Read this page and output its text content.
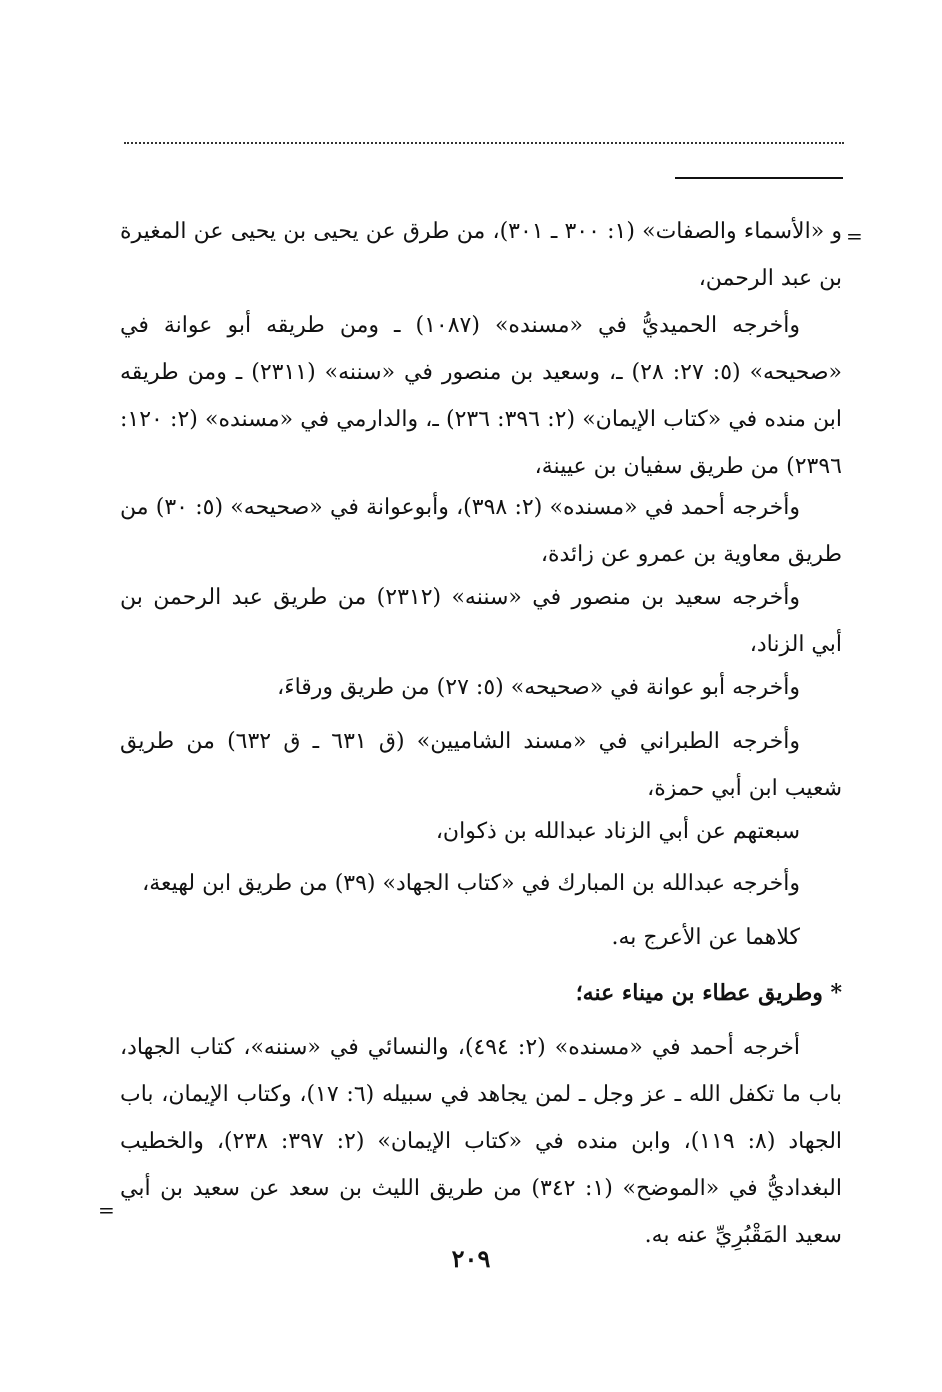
=

و «الأسماء والصفات» (١: ٣٠٠ ـ ٣٠١)، من طرق عن يحيى بن يحيى عن المغيرة بن عبد الرحمن،

وأخرجه الحميديُّ في «مسنده» (١٠٨٧) ـ ومن طريقه أبو عوانة في «صحيحه» (٥: ٢٧: ٢٨) ـ، وسعيد بن منصور في «سننه» (٢٣١١) ـ ومن طريقه ابن منده في «كتاب الإيمان» (٢: ٣٩٦: ٢٣٦) ـ، والدارمي في «مسنده» (٢: ١٢٠: ٢٣٩٦) من طريق سفيان بن عيينة،

وأخرجه أحمد في «مسنده» (٢: ٣٩٨)، وأبوعوانة في «صحيحه» (٥: ٣٠) من طريق معاوية بن عمرو عن زائدة،

وأخرجه سعيد بن منصور في «سننه» (٢٣١٢) من طريق عبد الرحمن بن أبي الزناد،

وأخرجه أبو عوانة في «صحيحه» (٥: ٢٧) من طريق ورقاءَ،

وأخرجه الطبراني في «مسند الشاميين» (ق ٦٣١ ـ ق ٦٣٢) من طريق شعيب ابن أبي حمزة،

سبعتهم عن أبي الزناد عبدالله بن ذكوان،

وأخرجه عبدالله بن المبارك في «كتاب الجهاد» (٣٩) من طريق ابن لهيعة،

كلاهما عن الأعرج به.

* وطريق عطاء بن ميناء عنه؛

أخرجه أحمد في «مسنده» (٢: ٤٩٤)، والنسائي في «سننه»، كتاب الجهاد، باب ما تكفل الله ـ عز وجل ـ لمن يجاهد في سبيله (٦: ١٧)، وكتاب الإيمان، باب الجهاد (٨: ١١٩)، وابن منده في «كتاب الإيمان» (٢: ٣٩٧: ٢٣٨)، والخطيب البغداديُّ في «الموضح» (١: ٣٤٢) من طريق الليث بن سعد عن سعيد بن أبي سعيد المَقْبُرِيِّ عنه به.

=
٢٠٩
